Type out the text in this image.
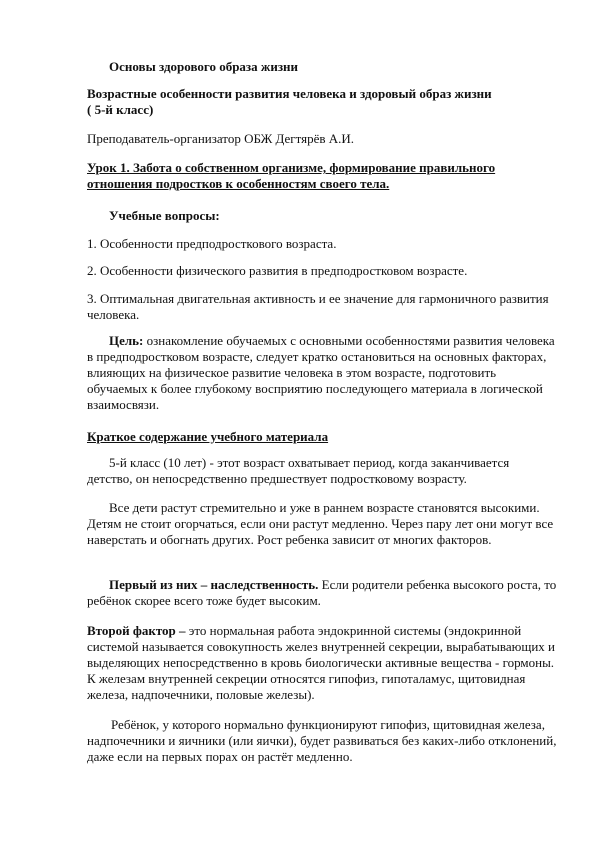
Основы здорового образа жизни

Возрастные особенности развития человека и здоровый образ жизни

( 5-й класс)

Преподаватель-организатор ОБЖ Дегтярёв А.И.

Урок 1. Забота о собственном организме, формирование правильного

отношения подростков к особенностям своего тела.

Учебные вопросы:

1. Особенности предподросткового возраста.

2. Особенности физического развития в предподростковом возрасте.

3. Оптимальная двигательная активность и ее значение для гармоничного развития человека.

Цель: ознакомление обучаемых с основными особенностями развития человека в предподростковом возрасте, следует кратко остановиться на основных факторах, влияющих на физическое развитие человека в этом возрасте, подготовить обучаемых к более глубокому восприятию последующего материала в логической взаимосвязи.

Краткое содержание учебного материала

5-й класс (10 лет) - этот возраст охватывает период, когда заканчивается детство, он непосредственно предшествует подростковому возрасту.

Все дети растут стремительно и уже в раннем возрасте становятся высокими. Детям не стоит огорчаться, если они растут медленно. Через пару лет они могут все наверстать и обогнать других. Рост ребенка зависит от многих факторов.

Первый из них – наследственность. Если родители ребенка высокого роста, то ребёнок скорее всего тоже будет высоким.

Второй фактор – это нормальная работа эндокринной системы (эндокринной системой называется совокупность желез внутренней секреции, вырабатывающих и выделяющих непосредственно в кровь биологически активные вещества - гормоны. К железам внутренней секреции относятся гипофиз, гипоталамус, щитовидная железа, надпочечники, половые железы).

Ребёнок, у которого нормально функционируют гипофиз, щитовидная железа, надпочечники и яичники (или яички), будет развиваться без каких-либо отклонений, даже если на первых порах он растёт медленно.
